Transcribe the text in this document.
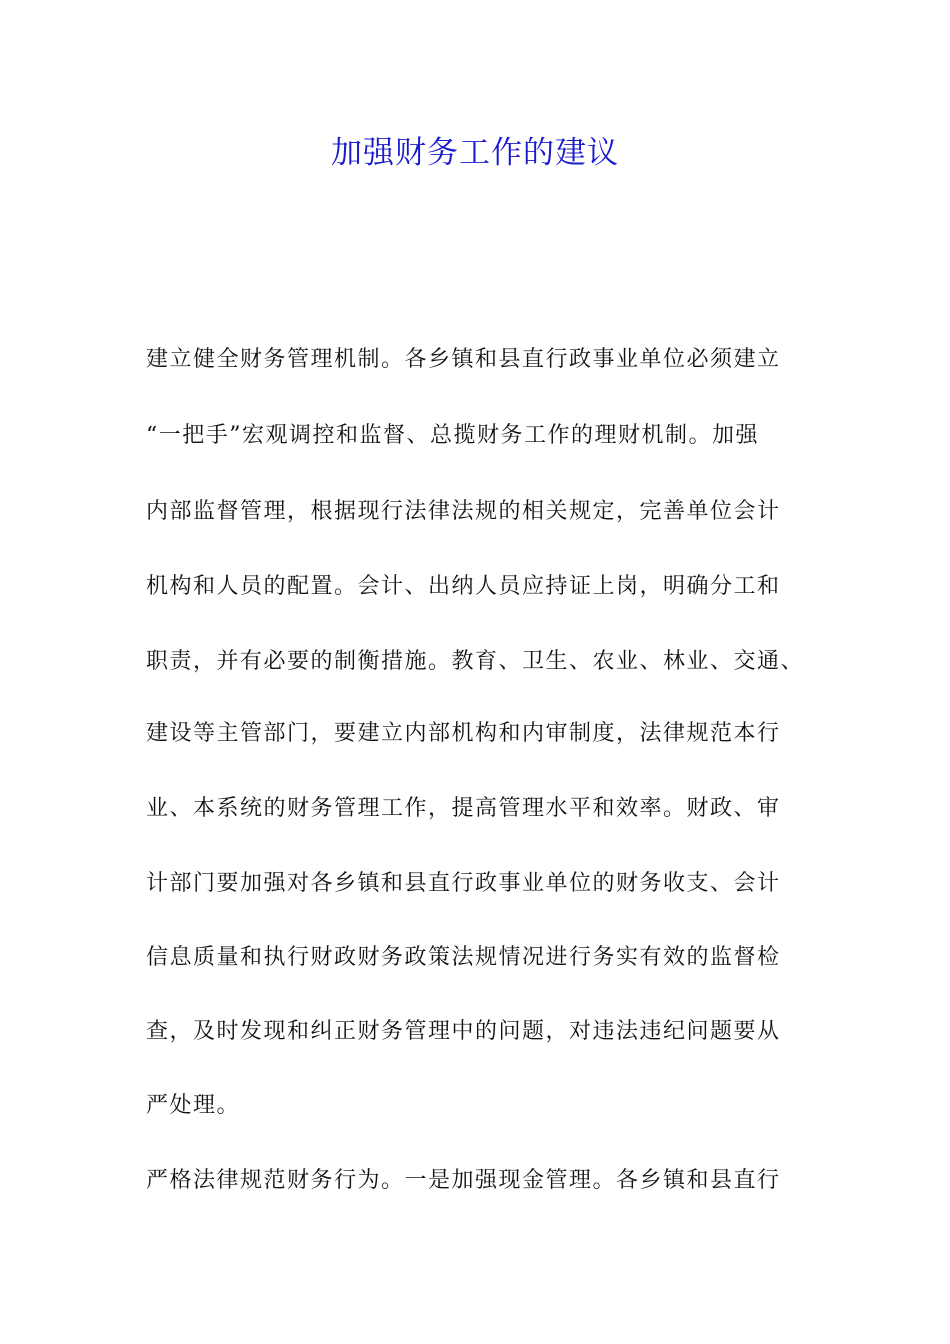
加强财务工作的建议
建立健全财务管理机制。各乡镇和县直行政事业单位必须建立
“一把手”宏观调控和监督、总揽财务工作的理财机制。加强
内部监督管理，根据现行法律法规的相关规定，完善单位会计
机构和人员的配置。会计、出纳人员应持证上岗，明确分工和
职责，并有必要的制衡措施。教育、卫生、农业、林业、交通、
建设等主管部门，要建立内部机构和内审制度，法律规范本行
业、本系统的财务管理工作，提高管理水平和效率。财政、审
计部门要加强对各乡镇和县直行政事业单位的财务收支、会计
信息质量和执行财政财务政策法规情况进行务实有效的监督检
查，及时发现和纠正财务管理中的问题，对违法违纪问题要从
严处理。
严格法律规范财务行为。一是加强现金管理。各乡镇和县直行
